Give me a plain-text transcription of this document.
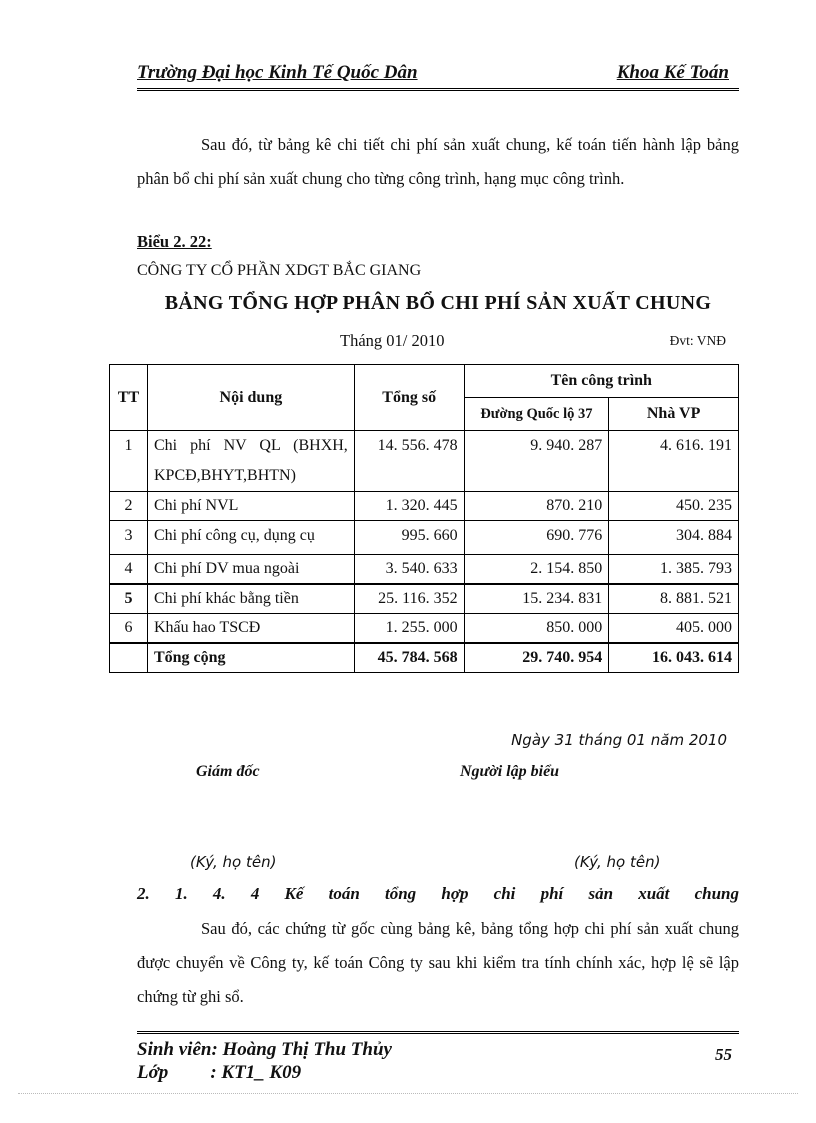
Trường Đại học Kinh Tế Quốc Dân	Khoa Kế Toán
Sau đó, từ bảng kê chi tiết chi phí sản xuất chung, kế toán tiến hành lập bảng phân bổ chi phí sản xuất chung cho từng công trình, hạng mục công trình.
Biểu 2. 22:
CÔNG TY CỔ PHẦN XDGT BẮC GIANG
BẢNG TỔNG HỢP PHÂN BỔ CHI PHÍ SẢN XUẤT CHUNG
Tháng 01/ 2010	Đvt: VNĐ
TT	Nội dung	Tổng số	Tên công trình	
			Đường Quốc lộ 37	Nhà VP
1	Chi phí NV QL (BHXH, KPCĐ,BHYT,BHTN)	14. 556. 478	9. 940. 287	4. 616. 191
2	Chi phí NVL	1. 320. 445	870. 210	450. 235
3	Chi phí công cụ, dụng cụ	995. 660	690. 776	304. 884
4	Chi phí DV mua ngoài	3. 540. 633	2. 154. 850	1. 385. 793
5	Chi phí khác bằng tiền	25. 116. 352	15. 234. 831	8. 881. 521
6	Khấu hao TSCĐ	1. 255. 000	850. 000	405. 000
	Tổng cộng	45. 784. 568	29. 740. 954	16. 043. 614
Ngày 31 tháng 01 năm 2010
Giám đốc	Người lập biểu
(Ký, họ tên)	(Ký, họ tên)
2. 1. 4. 4 Kế toán tổng hợp chi phí sản xuất chung
Sau đó, các chứng từ gốc cùng bảng kê, bảng tổng hợp chi phí sản xuất chung được chuyển về Công ty, kế toán Công ty sau khi kiểm tra tính chính xác, hợp lệ sẽ lập chứng từ ghi sổ.
Sinh viên: Hoàng Thị Thu Thủy
Lớp : KT1_ K09
55
